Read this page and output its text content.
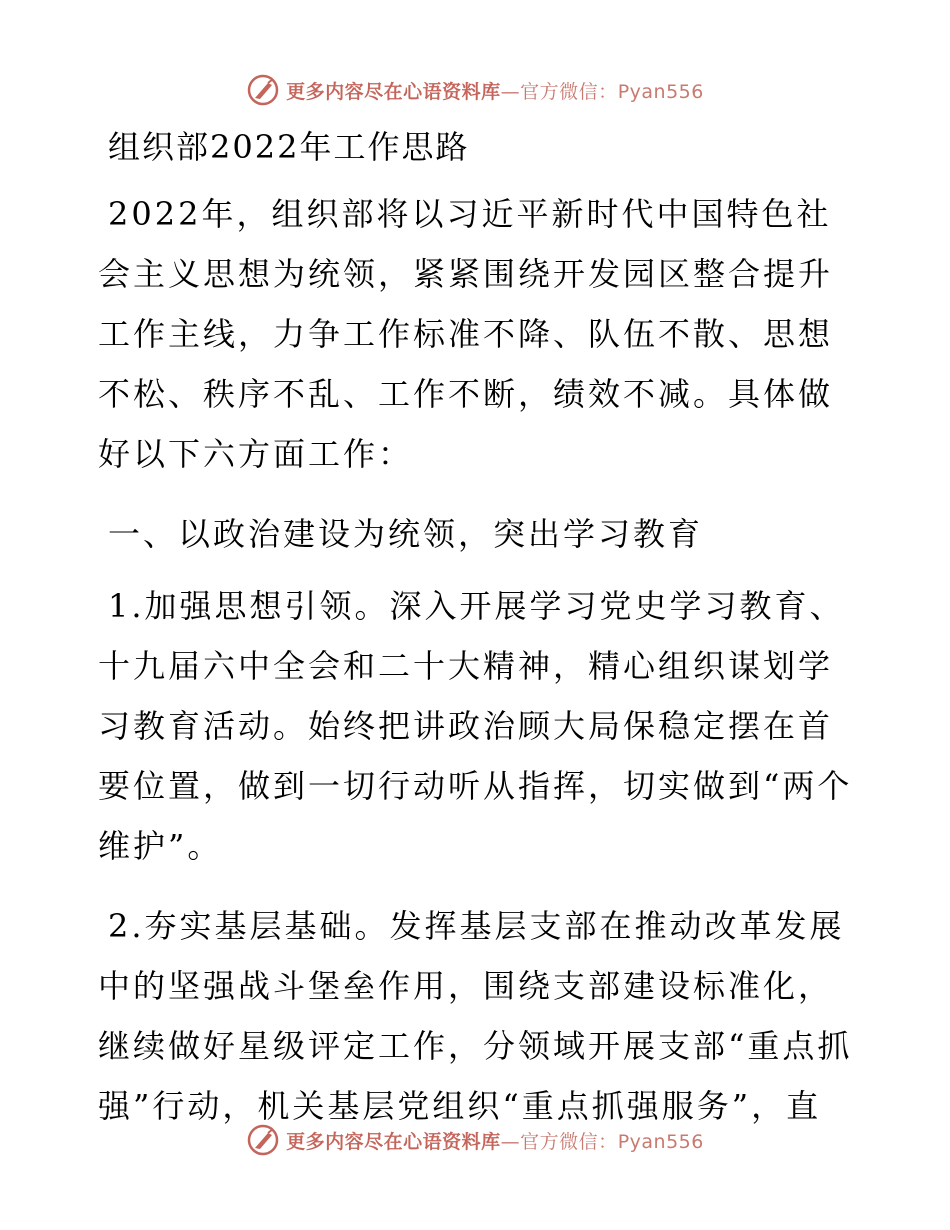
更多内容尽在心语资料库—官方微信：Pyan556
组织部2022年工作思路

2022年，组织部将以习近平新时代中国特色社会主义思想为统领，紧紧围绕开发园区整合提升工作主线，力争工作标准不降、队伍不散、思想不松、秩序不乱、工作不断，绩效不减。具体做好以下六方面工作：

一、以政治建设为统领，突出学习教育

1.加强思想引领。深入开展学习党史学习教育、十九届六中全会和二十大精神，精心组织谋划学习教育活动。始终把讲政治顾大局保稳定摆在首要位置，做到一切行动听从指挥，切实做到“两个维护”。

2.夯实基层基础。发挥基层支部在推动改革发展中的坚强战斗堡垒作用，围绕支部建设标准化，继续做好星级评定工作，分领域开展支部“重点抓强”行动，机关基层党组织“重点抓强服务”，直

更多内容尽在心语资料库—官方微信：Pyan556
